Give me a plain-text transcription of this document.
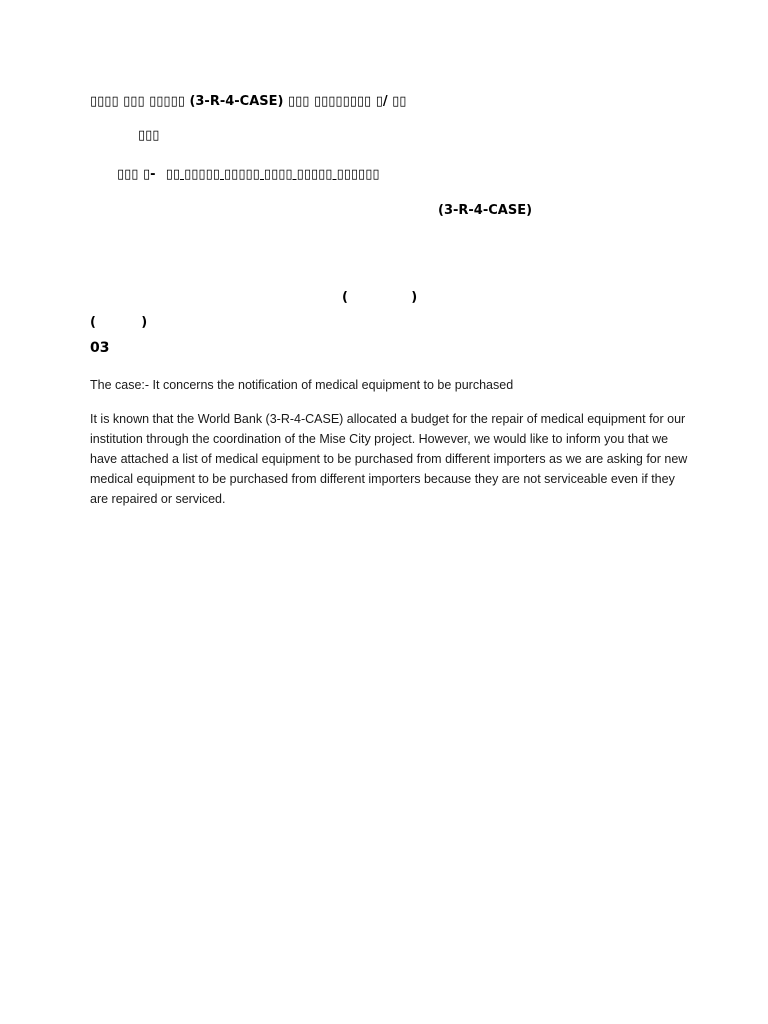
▯▯▯▯ ▯▯▯ ▯▯▯▯▯ (3-R-4-CASE) ▯▯▯ ▯▯▯▯▯▯▯▯ ▯/ ▯▯
▯▯▯
▯▯▯ ▯‑ ▯▯ ▯▯▯▯▯ ▯▯▯▯▯ ▯▯▯▯ ▯▯▯▯▯ ▯▯▯▯▯▯
(3-R-4-CASE)
(              )
(          )
03
The case:- It concerns the notification of medical equipment to be purchased
It is known that the World Bank (3-R-4-CASE) allocated a budget for the repair of medical equipment for our institution through the coordination of the Mise City project. However, we would like to inform you that we have attached a list of medical equipment to be purchased from different importers as we are asking for new medical equipment to be purchased from different importers because they are not serviceable even if they are repaired or serviced.
